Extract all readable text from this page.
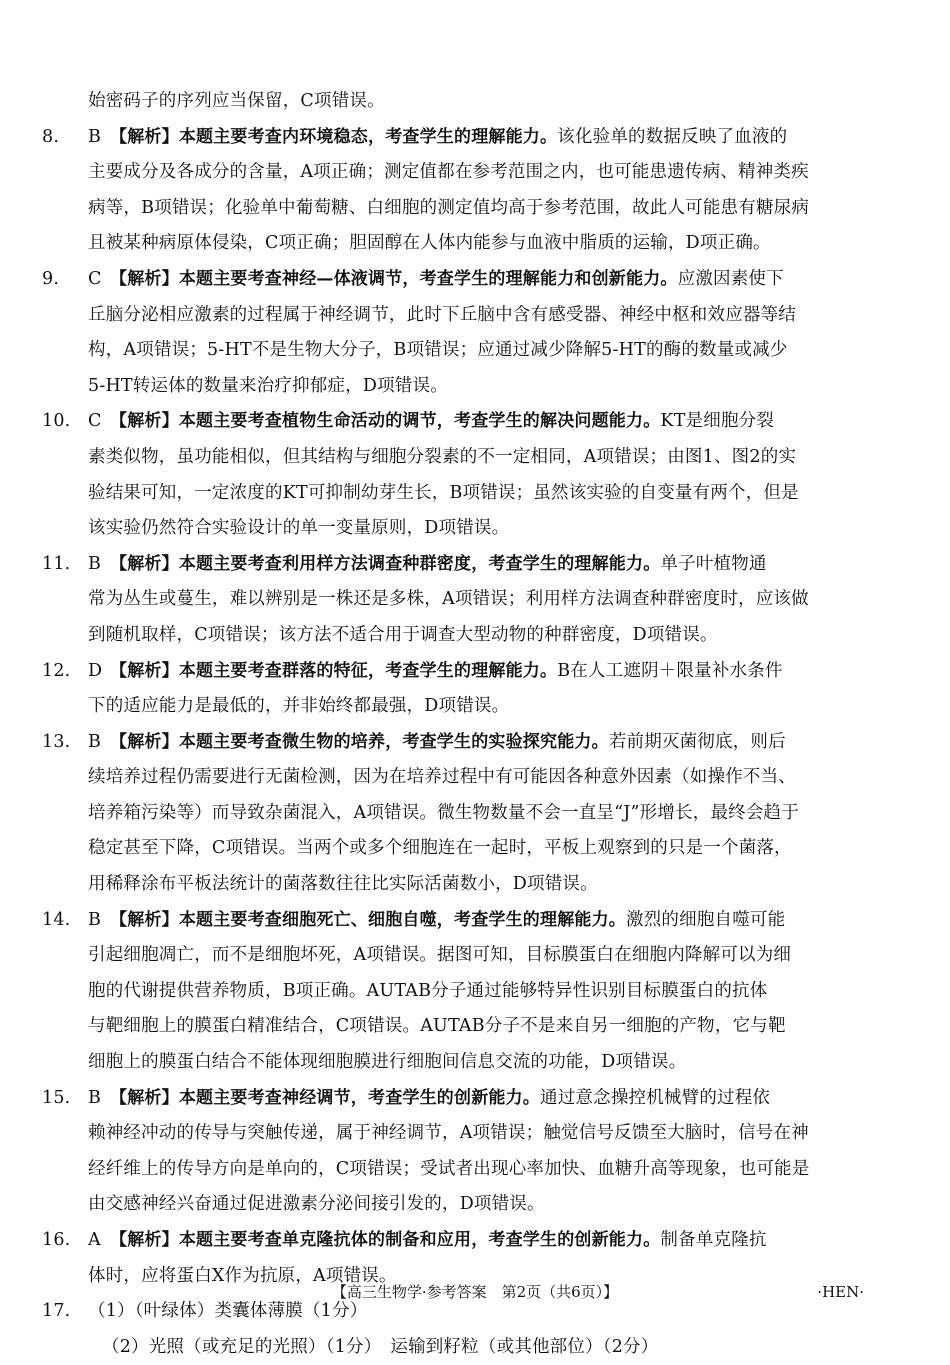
始密码子的序列应当保留，C项错误。
8. B 【解析】本题主要考查内环境稳态，考查学生的理解能力。该化验单的数据反映了血液的
主要成分及各成分的含量，A项正确；测定值都在参考范围之内，也可能患遗传病、精神类疾
病等，B项错误；化验单中葡萄糖、白细胞的测定值均高于参考范围，故此人可能患有糖尿病
且被某种病原体侵染，C项正确；胆固醇在人体内能参与血液中脂质的运输，D项正确。
9. C 【解析】本题主要考查神经—体液调节，考查学生的理解能力和创新能力。应激因素使下
丘脑分泌相应激素的过程属于神经调节，此时下丘脑中含有感受器、神经中枢和效应器等结
构，A项错误；5-HT不是生物大分子，B项错误；应通过减少降解5-HT的酶的数量或减少
5-HT转运体的数量来治疗抑郁症，D项错误。
10. C 【解析】本题主要考查植物生命活动的调节，考查学生的解决问题能力。KT是细胞分裂
素类似物，虽功能相似，但其结构与细胞分裂素的不一定相同，A项错误；由图1、图2的实
验结果可知，一定浓度的KT可抑制幼芽生长，B项错误；虽然该实验的自变量有两个，但是
该实验仍然符合实验设计的单一变量原则，D项错误。
11. B 【解析】本题主要考查利用样方法调查种群密度，考查学生的理解能力。单子叶植物通
常为丛生或蔓生，难以辨别是一株还是多株，A项错误；利用样方法调查种群密度时，应该做
到随机取样，C项错误；该方法不适合用于调查大型动物的种群密度，D项错误。
12. D 【解析】本题主要考查群落的特征，考查学生的理解能力。B在人工遮阴＋限量补水条件
下的适应能力是最低的，并非始终都最强，D项错误。
13. B 【解析】本题主要考查微生物的培养，考查学生的实验探究能力。若前期灭菌彻底，则后
续培养过程仍需要进行无菌检测，因为在培养过程中有可能因各种意外因素（如操作不当、
培养箱污染等）而导致杂菌混入，A项错误。微生物数量不会一直呈“J”形增长，最终会趋于
稳定甚至下降，C项错误。当两个或多个细胞连在一起时，平板上观察到的只是一个菌落，
用稀释涂布平板法统计的菌落数往往比实际活菌数小，D项错误。
14. B 【解析】本题主要考查细胞死亡、细胞自噬，考查学生的理解能力。激烈的细胞自噬可能
引起细胞凋亡，而不是细胞坏死，A项错误。据图可知，目标膜蛋白在细胞内降解可以为细
胞的代谢提供营养物质，B项正确。AUTAB分子通过能够特异性识别目标膜蛋白的抗体
与靶细胞上的膜蛋白精准结合，C项错误。AUTAB分子不是来自另一细胞的产物，它与靶
细胞上的膜蛋白结合不能体现细胞膜进行细胞间信息交流的功能，D项错误。
15. B 【解析】本题主要考查神经调节，考查学生的创新能力。通过意念操控机械臂的过程依
赖神经冲动的传导与突触传递，属于神经调节，A项错误；触觉信号反馈至大脑时，信号在神
经纤维上的传导方向是单向的，C项错误；受试者出现心率加快、血糖升高等现象，也可能是
由交感神经兴奋通过促进激素分泌间接引发的，D项错误。
16. A 【解析】本题主要考查单克隆抗体的制备和应用，考查学生的创新能力。制备单克隆抗
体时，应将蛋白X作为抗原，A项错误。
17. （1）（叶绿体）类囊体薄膜（1分）
（2）光照（或充足的光照）（1分）　运输到籽粒（或其他部位）（2分）
【高三生物学·参考答案　第2页（共6页）】	·HEN·
